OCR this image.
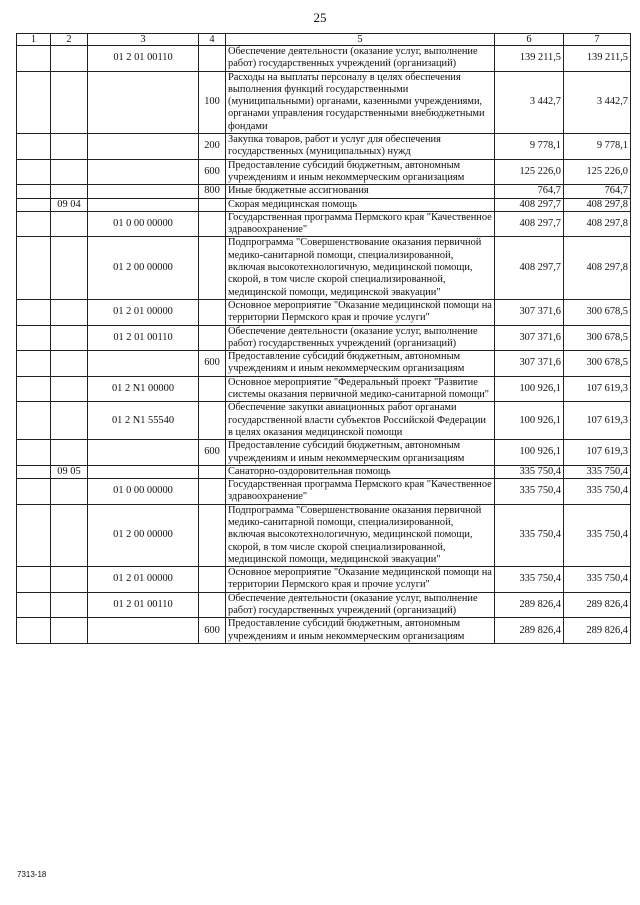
25
1	2	3	4	5	6	7
		01 2 01 00110		Обеспечение деятельности (оказание услуг, выполнение работ) государственных учреждений (организаций)	139 211,5	139 211,5
			100	Расходы на выплаты персоналу в целях обеспечения выполнения функций государственными (муниципальными) органами, казенными учреждениями, органами управления государственными внебюджетными фондами	3 442,7	3 442,7
			200	Закупка товаров, работ и услуг для обеспечения государственных (муниципальных) нужд	9 778,1	9 778,1
			600	Предоставление субсидий бюджетным, автономным учреждениям и иным некоммерческим организациям	125 226,0	125 226,0
			800	Иные бюджетные ассигнования	764,7	764,7
	09 04			Скорая медицинская помощь	408 297,7	408 297,8
		01 0 00 00000		Государственная программа Пермского края "Качественное здравоохранение"	408 297,7	408 297,8
		01 2 00 00000		Подпрограмма "Совершенствование оказания первичной медико-санитарной помощи, специализированной, включая высокотехнологичную, медицинской помощи, скорой, в том числе скорой специализированной, медицинской помощи, медицинской эвакуации"	408 297,7	408 297,8
		01 2 01 00000		Основное мероприятие "Оказание медицинской помощи на территории Пермского края и прочие услуги"	307 371,6	300 678,5
		01 2 01 00110		Обеспечение деятельности (оказание услуг, выполнение работ) государственных учреждений (организаций)	307 371,6	300 678,5
			600	Предоставление субсидий бюджетным, автономным учреждениям и иным некоммерческим организациям	307 371,6	300 678,5
		01 2 N1 00000		Основное мероприятие "Федеральный проект "Развитие системы оказания первичной медико-санитарной помощи"	100 926,1	107 619,3
		01 2 N1 55540		Обеспечение закупки авиационных работ органами государственной власти субъектов Российской Федерации в целях оказания медицинской помощи	100 926,1	107 619,3
			600	Предоставление субсидий бюджетным, автономным учреждениям и иным некоммерческим организациям	100 926,1	107 619,3
	09 05			Санаторно-оздоровительная помощь	335 750,4	335 750,4
		01 0 00 00000		Государственная программа Пермского края "Качественное здравоохранение"	335 750,4	335 750,4
		01 2 00 00000		Подпрограмма "Совершенствование оказания первичной медико-санитарной помощи, специализированной, включая высокотехнологичную, медицинской помощи, скорой, в том числе скорой специализированной, медицинской помощи, медицинской эвакуации"	335 750,4	335 750,4
		01 2 01 00000		Основное мероприятие "Оказание медицинской помощи на территории Пермского края и прочие услуги"	335 750,4	335 750,4
		01 2 01 00110		Обеспечение деятельности (оказание услуг, выполнение работ) государственных учреждений (организаций)	289 826,4	289 826,4
			600	Предоставление субсидий бюджетным, автономным учреждениям и иным некоммерческим организациям	289 826,4	289 826,4
7313-18
